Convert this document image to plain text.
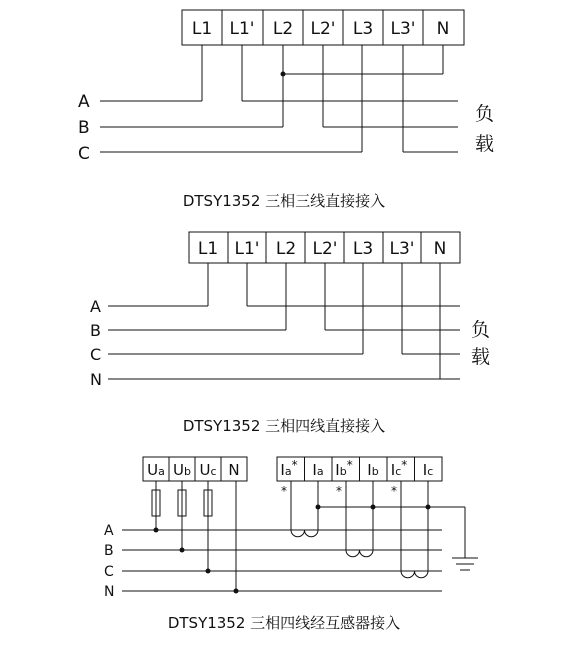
L1 L1' L2 L2' L3 L3' N
A
B
C
负
载
L1 L1' L2 L2' L3 L3' N
A
B
C
N
负
载
Ua Ub Uc N	Ia* Ia Ib* Ib Ic* Ic
*	*	*
A
B
C
N
DTSY1352 三相三线直接接入
DTSY1352 三相四线直接接入
DTSY1352 三相四线经互感器接入
